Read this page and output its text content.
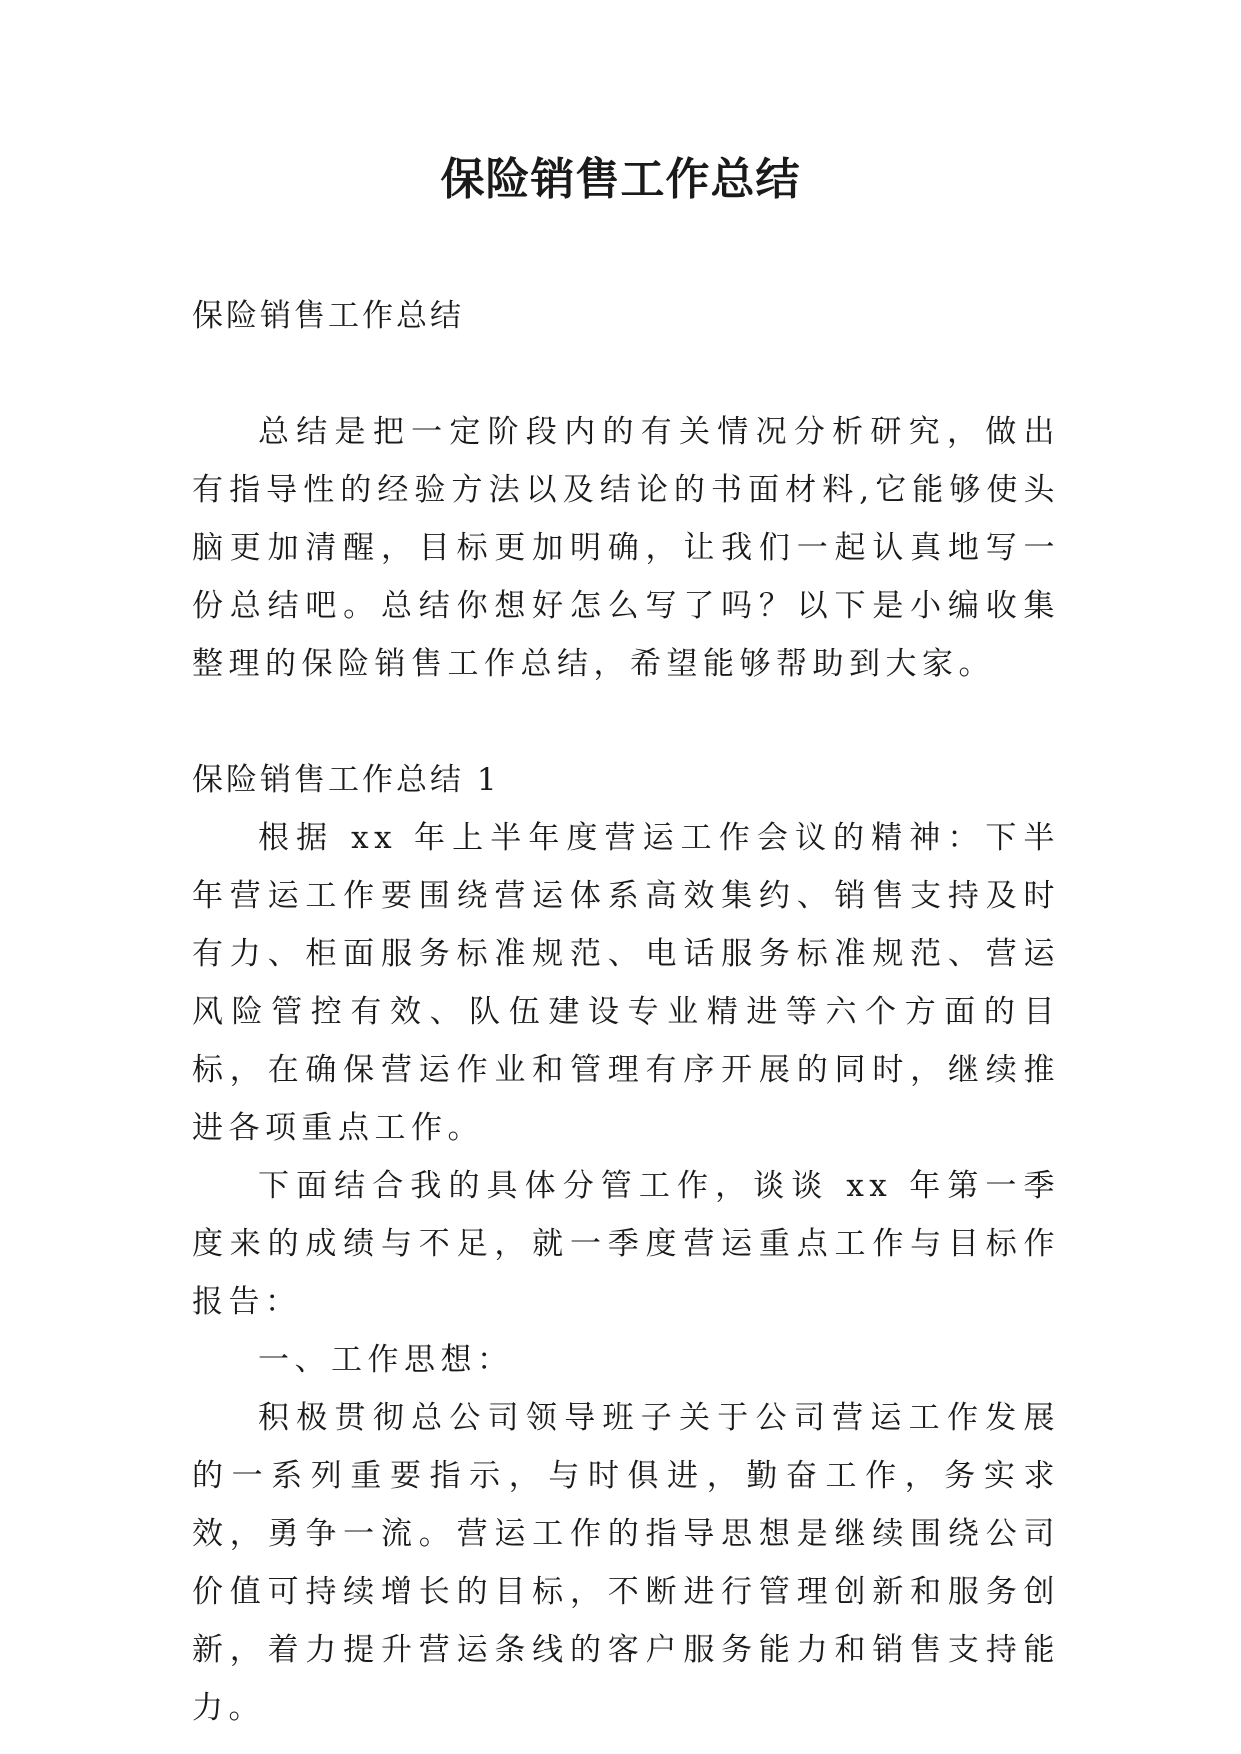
保险销售工作总结

保险销售工作总结

总结是把一定阶段内的有关情况分析研究，做出有指导性的经验方法以及结论的书面材料,它能够使头脑更加清醒，目标更加明确，让我们一起认真地写一份总结吧。总结你想好怎么写了吗？以下是小编收集整理的保险销售工作总结，希望能够帮助到大家。

保险销售工作总结 1

根据 xx 年上半年度营运工作会议的精神：下半年营运工作要围绕营运体系高效集约、销售支持及时有力、柜面服务标准规范、电话服务标准规范、营运风险管控有效、队伍建设专业精进等六个方面的目标，在确保营运作业和管理有序开展的同时，继续推进各项重点工作。

下面结合我的具体分管工作，谈谈 xx 年第一季度来的成绩与不足，就一季度营运重点工作与目标作报告：

一、工作思想：

积极贯彻总公司领导班子关于公司营运工作发展的一系列重要指示，与时俱进，勤奋工作，务实求效，勇争一流。营运工作的指导思想是继续围绕公司价值可持续增长的目标，不断进行管理创新和服务创新，着力提升营运条线的客户服务能力和销售支持能力。
